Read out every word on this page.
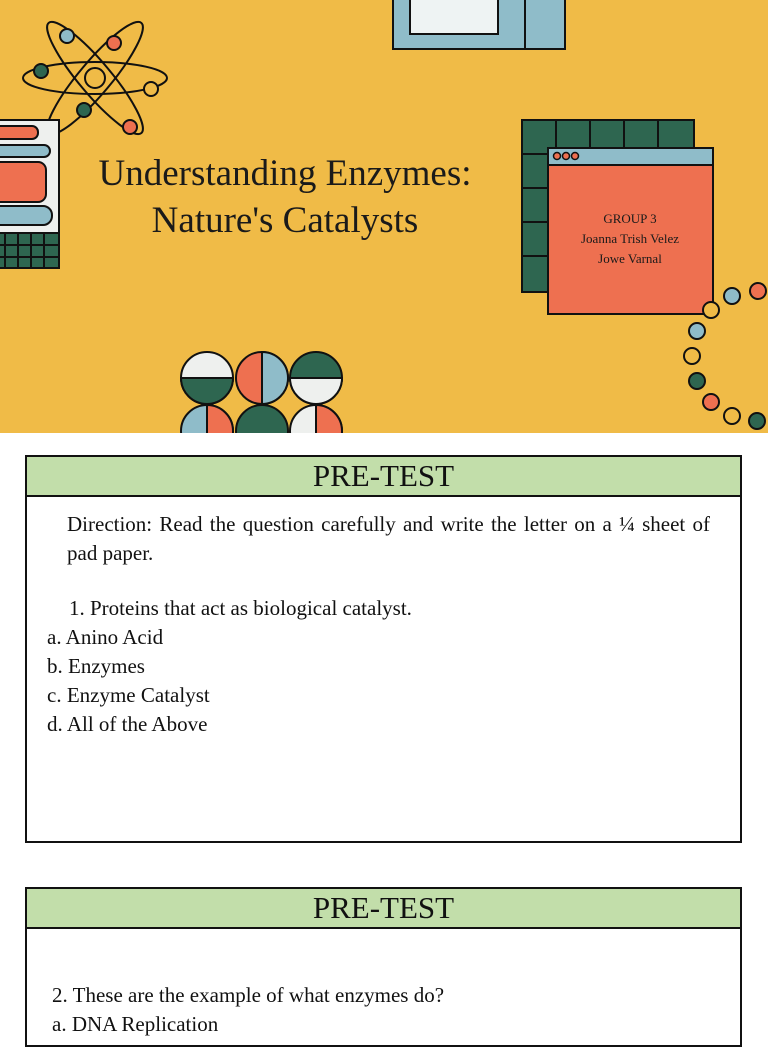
Understanding Enzymes:
Nature's Catalysts	GROUP 3
Joanna Trish Velez
Jowe Varnal
PRE-TEST
Direction: Read the question carefully and write the letter on a ¼ sheet of pad paper.
1. Proteins that act as biological catalyst.
a. Anino Acid
b. Enzymes
c. Enzyme Catalyst
d. All of the Above
PRE-TEST
2. These are the example of what enzymes do?
a. DNA Replication
